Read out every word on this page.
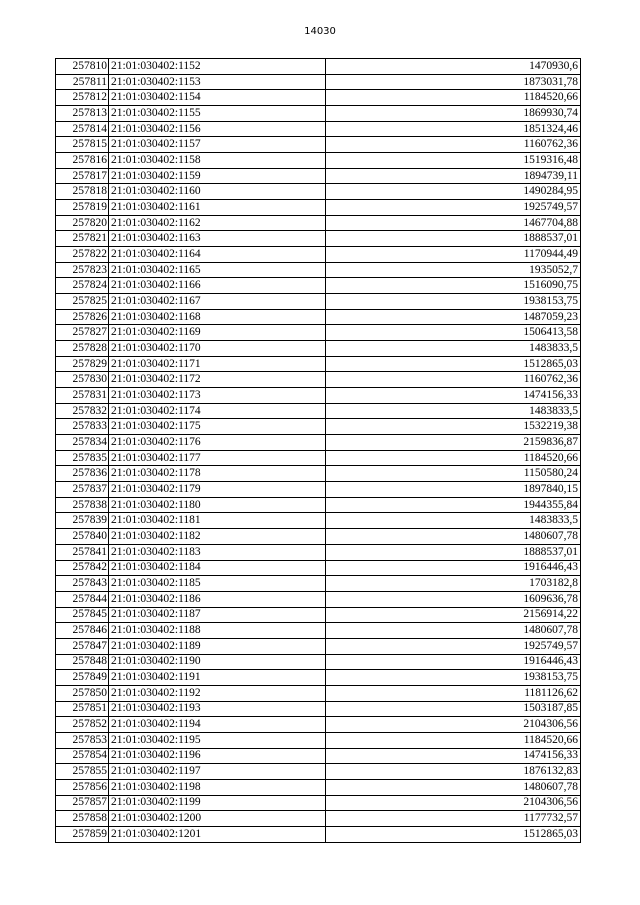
14030
257810	21:01:030402:1152	1470930,6
257811	21:01:030402:1153	1873031,78
257812	21:01:030402:1154	1184520,66
257813	21:01:030402:1155	1869930,74
257814	21:01:030402:1156	1851324,46
257815	21:01:030402:1157	1160762,36
257816	21:01:030402:1158	1519316,48
257817	21:01:030402:1159	1894739,11
257818	21:01:030402:1160	1490284,95
257819	21:01:030402:1161	1925749,57
257820	21:01:030402:1162	1467704,88
257821	21:01:030402:1163	1888537,01
257822	21:01:030402:1164	1170944,49
257823	21:01:030402:1165	1935052,7
257824	21:01:030402:1166	1516090,75
257825	21:01:030402:1167	1938153,75
257826	21:01:030402:1168	1487059,23
257827	21:01:030402:1169	1506413,58
257828	21:01:030402:1170	1483833,5
257829	21:01:030402:1171	1512865,03
257830	21:01:030402:1172	1160762,36
257831	21:01:030402:1173	1474156,33
257832	21:01:030402:1174	1483833,5
257833	21:01:030402:1175	1532219,38
257834	21:01:030402:1176	2159836,87
257835	21:01:030402:1177	1184520,66
257836	21:01:030402:1178	1150580,24
257837	21:01:030402:1179	1897840,15
257838	21:01:030402:1180	1944355,84
257839	21:01:030402:1181	1483833,5
257840	21:01:030402:1182	1480607,78
257841	21:01:030402:1183	1888537,01
257842	21:01:030402:1184	1916446,43
257843	21:01:030402:1185	1703182,8
257844	21:01:030402:1186	1609636,78
257845	21:01:030402:1187	2156914,22
257846	21:01:030402:1188	1480607,78
257847	21:01:030402:1189	1925749,57
257848	21:01:030402:1190	1916446,43
257849	21:01:030402:1191	1938153,75
257850	21:01:030402:1192	1181126,62
257851	21:01:030402:1193	1503187,85
257852	21:01:030402:1194	2104306,56
257853	21:01:030402:1195	1184520,66
257854	21:01:030402:1196	1474156,33
257855	21:01:030402:1197	1876132,83
257856	21:01:030402:1198	1480607,78
257857	21:01:030402:1199	2104306,56
257858	21:01:030402:1200	1177732,57
257859	21:01:030402:1201	1512865,03
